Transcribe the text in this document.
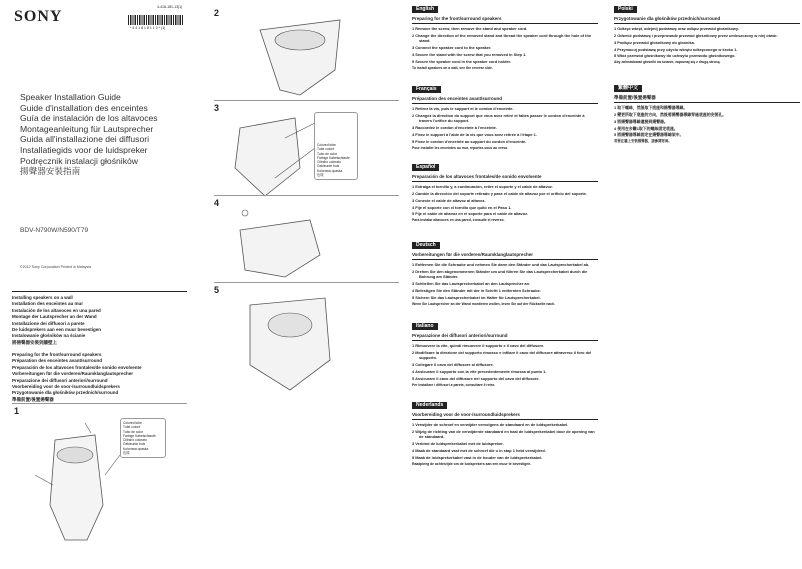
SONY
4-418-181-13(1)
* 4 4 1 8 1 8 1 1 3 * (1)
Speaker Installation Guide
Guide d'installation des enceintes
Guía de instalación de los altavoces
Montageanleitung für Lautsprecher
Guida all'installazione dei diffusori
Installatiegids voor de luidspreker
Podręcznik instalacji głośników
揚聲器安裝指南
BDV-N790W/N590/T79
©2012 Sony Corporation Printed in Malaysia
Installing speakers on a wall
Installation des enceintes au mur
Instalación de los altavoces en una pared
Montage der Lautsprecher an der Wand
Installazione dei diffusori a parete
De luidsprekers aan een muur bevestigen
Instalowanie głośników na ścianie
將揚聲器安裝到牆壁上
Preparing for the front/surround speakers
Préparation des enceintes avant/surround
Preparación de los altavoces frontales/de sonido envolvente
Vorbereitungen für die vorderen/Raumklanglautsprecher
Preparazione dei diffusori anteriori/surround
Voorbereiding voor de voor-/surroundluidsprekers
Przygotowanie dla głośników przednich/surround
準備前置/後置揚聲器
1
Colored tube
Tube coloré
Tubo de color
Farbige Kabelschlaufe
Cilindro colorato
Gekleurde buis
Kolorowa opaska
色環
2
3
Colored tube
Tube coloré
Tubo de color
Farbige Kabelschlaufe
Cilindro colorato
Gekleurde buis
Kolorowa opaska
色環
4
5
English
Preparing for the front/surround speakers
1 Remove the screw, then remove the stand and speaker cord.
2 Change the direction of the removed stand and thread the speaker cord through the hole of the stand.
3 Connect the speaker cord to the speaker.
4 Secure the stand with the screw that you removed in Step 1.
5 Secure the speaker cord in the speaker cord holder.
To install speakers on a wall, see the reverse side.
Français
Préparation des enceintes avant/surround
1 Retirez la vis, puis le support et le cordon d'enceinte.
2 Changez la direction du support que vous avez retiré et faites passer le cordon d'enceinte à travers l'orifice du support.
3 Raccordez le cordon d'enceinte à l'enceinte.
4 Fixez le support à l'aide de la vis que vous avez retirée à l'étape 1.
5 Fixez le cordon d'enceinte au support du cordon d'enceinte.
Pour installer les enceintes au mur, reportez-vous au verso.
Español
Preparación de los altavoces frontales/de sonido envolvente
1 Extraiga el tornillo y, a continuación, retire el soporte y el cable de altavoz.
2 Cambie la dirección del soporte retirado y pase el cable de altavoz por el orificio del soporte.
3 Conecte el cable de altavoz al altavoz.
4 Fije el soporte con el tornillo que quitó en el Paso 1.
5 Fije el cable de altavoz en el soporte para el cable de altavoz.
Para instalar altavoces en una pared, consulte el reverso.
Deutsch
Vorbereitungen für die vorderen/Raumklanglautsprecher
1 Entfernen Sie die Schraube und nehmen Sie dann den Ständer und das Lautsprecherkabel ab.
2 Drehen Sie den abgenommenen Ständer um und führen Sie das Lautsprecherkabel durch die Bohrung am Ständer.
3 Schließen Sie das Lautsprecherkabel an den Lautsprecher an.
4 Befestigen Sie den Ständer mit der in Schritt 1 entfernten Schraube.
5 Sichern Sie das Lautsprecherkabel im Halter für Lautsprecherkabel.
Wenn Sie Lautsprecher an der Wand montieren wollen, lesen Sie auf der Rückseite nach.
Italiano
Preparazione dei diffusori anteriori/surround
1 Rimuovere la vite, quindi rimuovere il supporto e il cavo del diffusore.
2 Modificare la direzione del supporto rimosso e infilare il cavo del diffusore attraverso il foro del supporto.
3 Collegare il cavo del diffusore al diffusore.
4 Assicurare il supporto con la vite precedentemente rimossa al punto 1.
5 Assicurare il cavo del diffusore nel supporto del cavo del diffusore.
Per installare i diffusori a parete, consultare il retro.
Nederlands
Voorbereiding voor de voor-/surroundluidsprekers
1 Verwijder de schroef en verwijder vervolgens de standaard en de luidsprekerkabel.
2 Wijzig de richting van de verwijderde standaard en haal de luidsprekerkabel door de opening van de standaard.
3 Verbind de luidsprekerkabel met de luidspreker.
4 Maak de standaard vast met de schroef die u in stap 1 hebt verwijderd.
5 Maak de luidsprekerkabel vast in de houder van de luidsprekerkabel.
Raadpleeg de achterzijde om de luidsprekers aan een muur te bevestigen.
Polski
Przygotowanie dla głośników przednich/surround
1 Odkręć wkręt, odejmij podstawę oraz odłącz przewód głośnikowy.
2 Odwróć podstawę i przeprowadź przewód głośnikowy przez umieszczony w niej otwór.
3 Podłącz przewód głośnikowy do głośnika.
4 Przymocuj podstawę przy użyciu wkrętu odkręconego w kroku 1.
5 Włóż przewód głośnikowy do uchwytu przewodu głośnikowego.
Aby zainstalować głośniki na ścianie, zapoznaj się z drugą stroną.
繁體中文
準備前置/後置揚聲器
1 取下螺絲，然後取下底座和揚聲器導線。
2 變更所取下底座的方向，然後將揚聲器導線穿過底座的安裝孔。
3 將揚聲器導線連接到揚聲器。
4 使用在步驟1取下的螺絲固定底座。
5 將揚聲器導線固定在揚聲器導線架中。
若要在牆上安裝揚聲器，請參閱背面。
